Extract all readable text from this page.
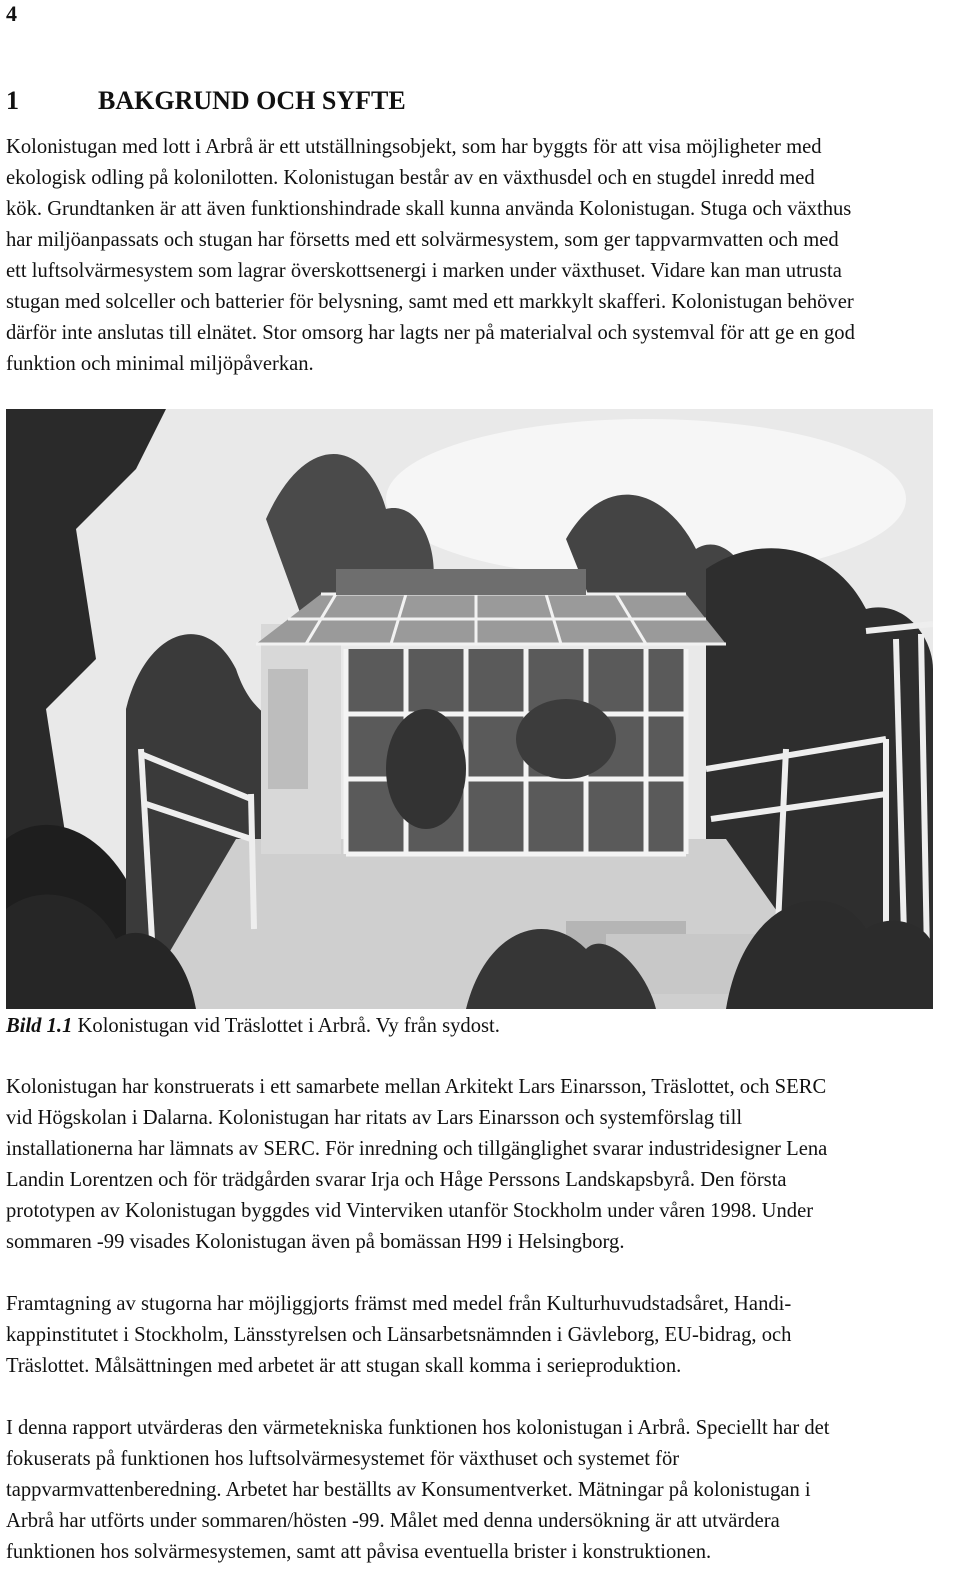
4
1	BAKGRUND OCH SYFTE

Kolonistugan med lott i Arbrå är ett utställningsobjekt, som har byggts för att visa möjligheter med
ekologisk odling på kolonilotten. Kolonistugan består av en växthusdel och en stugdel inredd med
kök. Grundtanken är att även funktionshindrade skall kunna använda Kolonistugan. Stuga och växthus
har miljöanpassats och stugan har försetts med ett solvärmesystem, som ger tappvarmvatten och med
ett luftsolvärmesystem som lagrar överskottsenergi i marken under växthuset. Vidare kan man utrusta
stugan med solceller och batterier för belysning, samt med ett markkylt skafferi. Kolonistugan behöver
därför inte anslutas till elnätet. Stor omsorg har lagts ner på materialval och systemval för att ge en god
funktion och minimal miljöpåverkan.

Bild 1.1 Kolonistugan vid Träslottet i Arbrå. Vy från sydost.

Kolonistugan har konstruerats i ett samarbete mellan Arkitekt Lars Einarsson, Träslottet, och SERC
vid Högskolan i Dalarna. Kolonistugan har ritats av Lars Einarsson och systemförslag till
installationerna har lämnats av SERC. För inredning och tillgänglighet svarar industridesigner Lena
Landin Lorentzen och för trädgården svarar Irja och Håge Perssons Landskapsbyrå. Den första
prototypen av Kolonistugan byggdes vid Vinterviken utanför Stockholm under våren 1998. Under
sommaren -99 visades Kolonistugan även på bomässan H99 i Helsingborg.

Framtagning av stugorna har möjliggjorts främst med medel från Kulturhuvudstadsåret, Handi-
kappinstitutet i Stockholm, Länsstyrelsen och Länsarbetsnämnden i Gävleborg, EU-bidrag, och
Träslottet. Målsättningen med arbetet är att stugan skall komma i serieproduktion.

I denna rapport utvärderas den värmetekniska funktionen hos kolonistugan i Arbrå. Speciellt har det
fokuserats på funktionen hos luftsolvärmesystemet för växthuset och systemet för
tappvarmvattenberedning. Arbetet har beställts av Konsumentverket. Mätningar på kolonistugan i
Arbrå har utförts under sommaren/hösten -99. Målet med denna undersökning är att utvärdera
funktionen hos solvärmesystemen, samt att påvisa eventuella brister i konstruktionen.
